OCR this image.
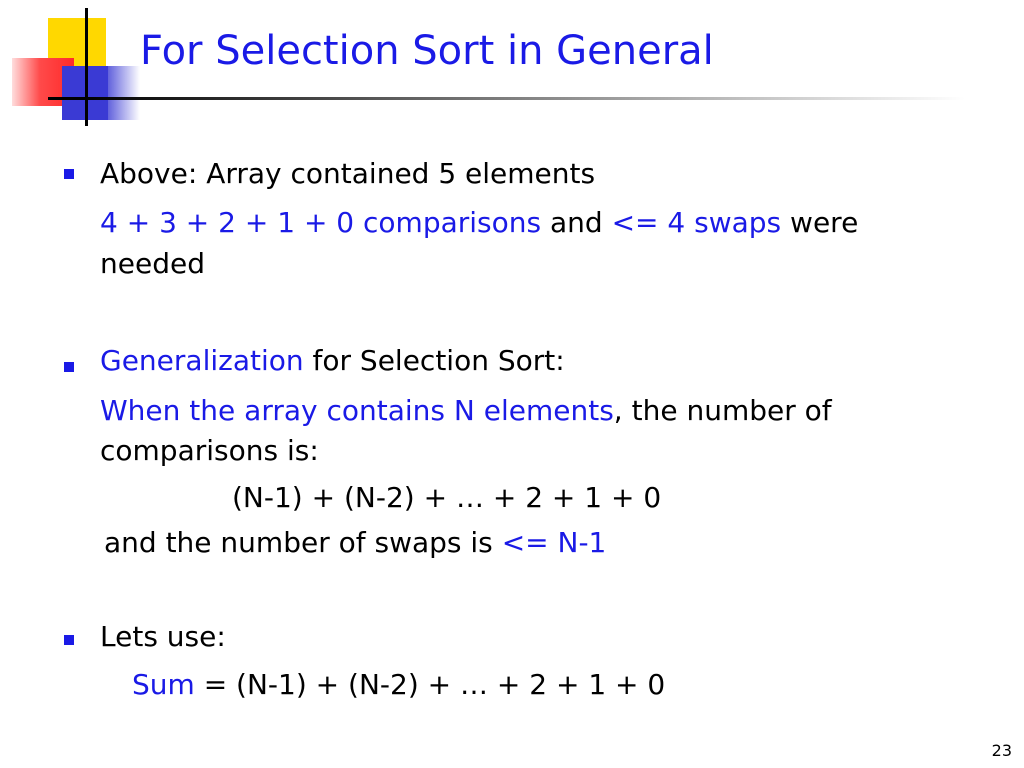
For Selection Sort in General
Above: Array contained 5 elements
4 + 3 + 2 + 1 + 0 comparisons and <= 4 swaps were
needed
Generalization for Selection Sort:
When the array contains N elements, the number of
comparisons is:
(N-1) + (N-2) + … + 2 + 1 + 0
and the number of swaps is <= N-1
Lets use:
Sum = (N-1) + (N-2) + … + 2 + 1 + 0
23
